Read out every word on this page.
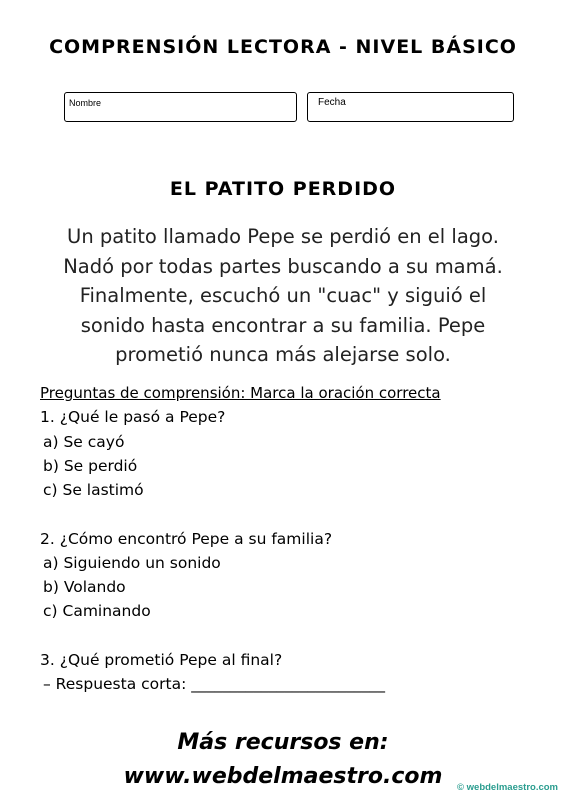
COMPRENSIÓN LECTORA - NIVEL BÁSICO
Nombre	Fecha
EL PATITO PERDIDO
Un patito llamado Pepe se perdió en el lago.
Nadó por todas partes buscando a su mamá.
Finalmente, escuchó un "cuac" y siguió el
sonido hasta encontrar a su familia. Pepe
prometió nunca más alejarse solo.
Preguntas de comprensión: Marca la oración correcta
1. ¿Qué le pasó a Pepe?
a) Se cayó
b) Se perdió
c) Se lastimó
2. ¿Cómo encontró Pepe a su familia?
a) Siguiendo un sonido
b) Volando
c) Caminando
3. ¿Qué prometió Pepe al final?
– Respuesta corta: _________________________
Más recursos en:
www.webdelmaestro.com	© webdelmaestro.com
